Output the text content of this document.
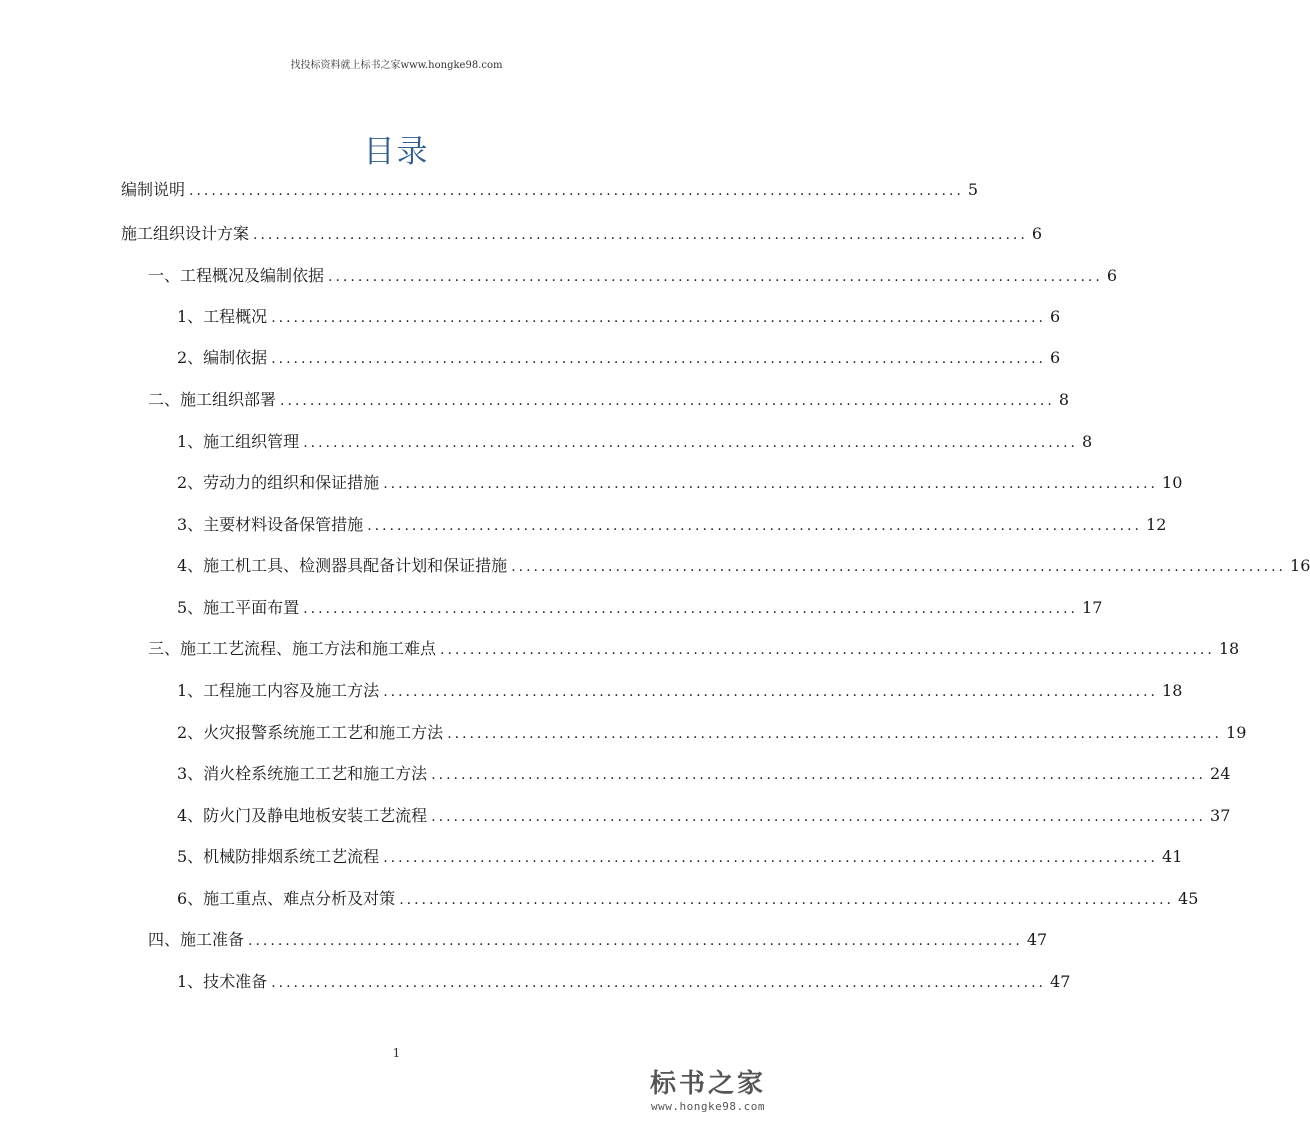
找投标资料就上标书之家www.hongke98.com
目录
编制说明 ........................................................................................................ 5
施工组织设计方案 ........................................................................................................ 6
一、工程概况及编制依据 ........................................................................................................ 6
1、工程概况 ........................................................................................................ 6
2、编制依据 ........................................................................................................ 6
二、施工组织部署 ........................................................................................................ 8
1、施工组织管理 ........................................................................................................ 8
2、劳动力的组织和保证措施 ........................................................................................................ 10
3、主要材料设备保管措施 ........................................................................................................ 12
4、施工机工具、检测器具配备计划和保证措施 ........................................................................................................ 16
5、施工平面布置 ........................................................................................................ 17
三、施工工艺流程、施工方法和施工难点 ........................................................................................................ 18
1、工程施工内容及施工方法 ........................................................................................................ 18
2、火灾报警系统施工工艺和施工方法 ........................................................................................................ 19
3、消火栓系统施工工艺和施工方法 ........................................................................................................ 24
4、防火门及静电地板安装工艺流程 ........................................................................................................ 37
5、机械防排烟系统工艺流程 ........................................................................................................ 41
6、施工重点、难点分析及对策 ........................................................................................................ 45
四、施工准备 ........................................................................................................ 47
1、技术准备 ........................................................................................................ 47
1
标书之家
www.hongke98.com
